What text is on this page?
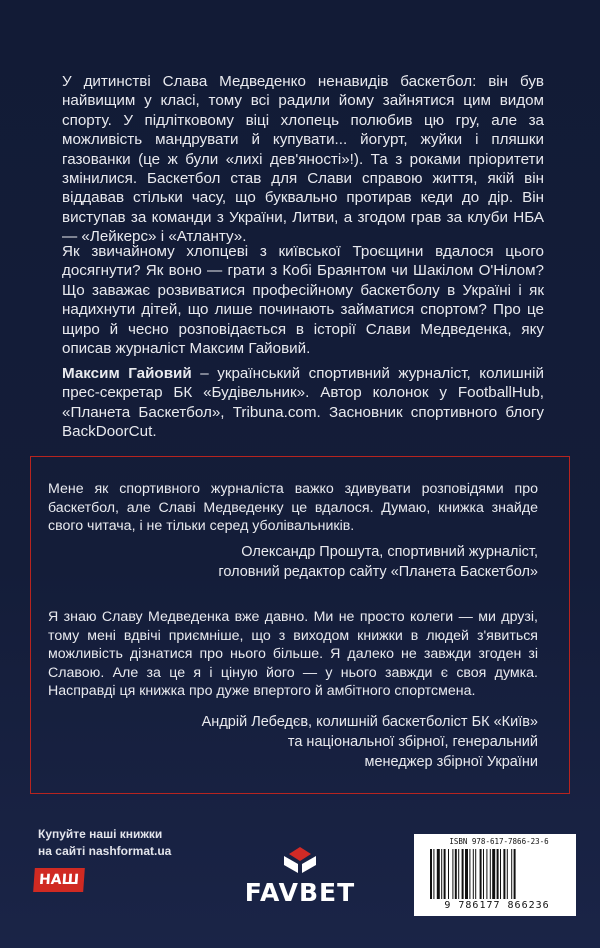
У дитинстві Слава Медведенко ненавидів баскетбол: він був найвищим у класі, тому всі радили йому зайнятися цим видом спорту. У підлітковому віці хлопець полюбив цю гру, але за можливість мандрувати й купувати... йогурт, жуйки і пляшки газованки (це ж були «лихі дев'яності»!). Та з роками пріоритети змінилися. Баскетбол став для Слави справою життя, якій він віддавав стільки часу, що буквально протирав кеди до дір. Він виступав за команди з України, Литви, а згодом грав за клуби НБА — «Лейкерс» і «Атланту».

Як звичайному хлопцеві з київської Троєщини вдалося цього досягнути? Як воно — грати з Кобі Браянтом чи Шакілом О'Нілом? Що заважає розвиватися професійному баскетболу в Україні і як надихнути дітей, що лише починають займатися спортом? Про це щиро й чесно розповідається в історії Слави Медведенка, яку описав журналіст Максим Гайовий.

Максим Гайовий – український спортивний журналіст, колишній прес-секретар БК «Будівельник». Автор колонок у FootballHub, «Планета Баскетбол», Tribuna.com. Засновник спортивного блогу BackDoorCut.

Мене як спортивного журналіста важко здивувати розповідями про баскетбол, але Славі Медведенку це вдалося. Думаю, книжка знайде свого читача, і не тільки серед уболівальників.

Олександр Прошута, спортивний журналіст,
головний редактор сайту «Планета Баскетбол»

Я знаю Славу Медведенка вже давно. Ми не просто колеги — ми друзі, тому мені вдвічі приємніше, що з виходом книжки в людей з'явиться можливість дізнатися про нього більше. Я далеко не завжди згоден зі Славою. Але за це я і ціную його — у нього завжди є своя думка. Насправді ця книжка про дуже впертого й амбітного спортсмена.

Андрій Лебедєв, колишній баскетболіст БК «Київ»
та національної збірної, генеральний
менеджер збірної України
Купуйте наші книжки
на сайті nashformat.ua
НАШ	FAVBET
ISBN 978-617-7866-23-6
9 786177 866236
